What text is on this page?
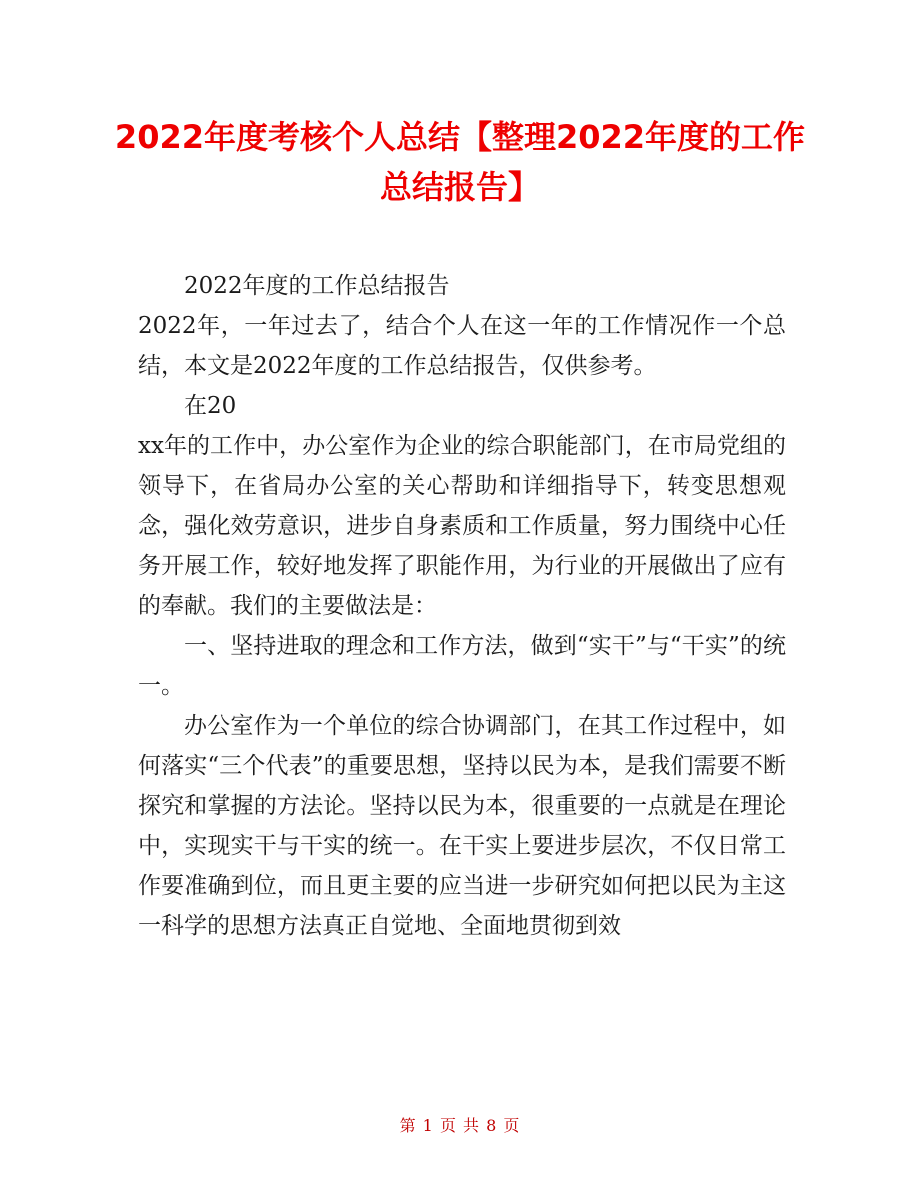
2022年度考核个人总结【整理2022年度的工作总结报告】

2022年度的工作总结报告

2022年，一年过去了，结合个人在这一年的工作情况作一个总结，本文是2022年度的工作总结报告，仅供参考。

在20

xx年的工作中，办公室作为企业的综合职能部门，在市局党组的领导下，在省局办公室的关心帮助和详细指导下，转变思想观念，强化效劳意识，进步自身素质和工作质量，努力围绕中心任务开展工作，较好地发挥了职能作用，为行业的开展做出了应有的奉献。我们的主要做法是：

一、坚持进取的理念和工作方法，做到“实干”与“干实”的统一。

办公室作为一个单位的综合协调部门，在其工作过程中，如何落实“三个代表”的重要思想，坚持以民为本，是我们需要不断探究和掌握的方法论。坚持以民为本，很重要的一点就是在理论中，实现实干与干实的统一。在干实上要进步层次，不仅日常工作要准确到位，而且更主要的应当进一步研究如何把以民为主这一科学的思想方法真正自觉地、全面地贯彻到效

第 1 页 共 8 页
